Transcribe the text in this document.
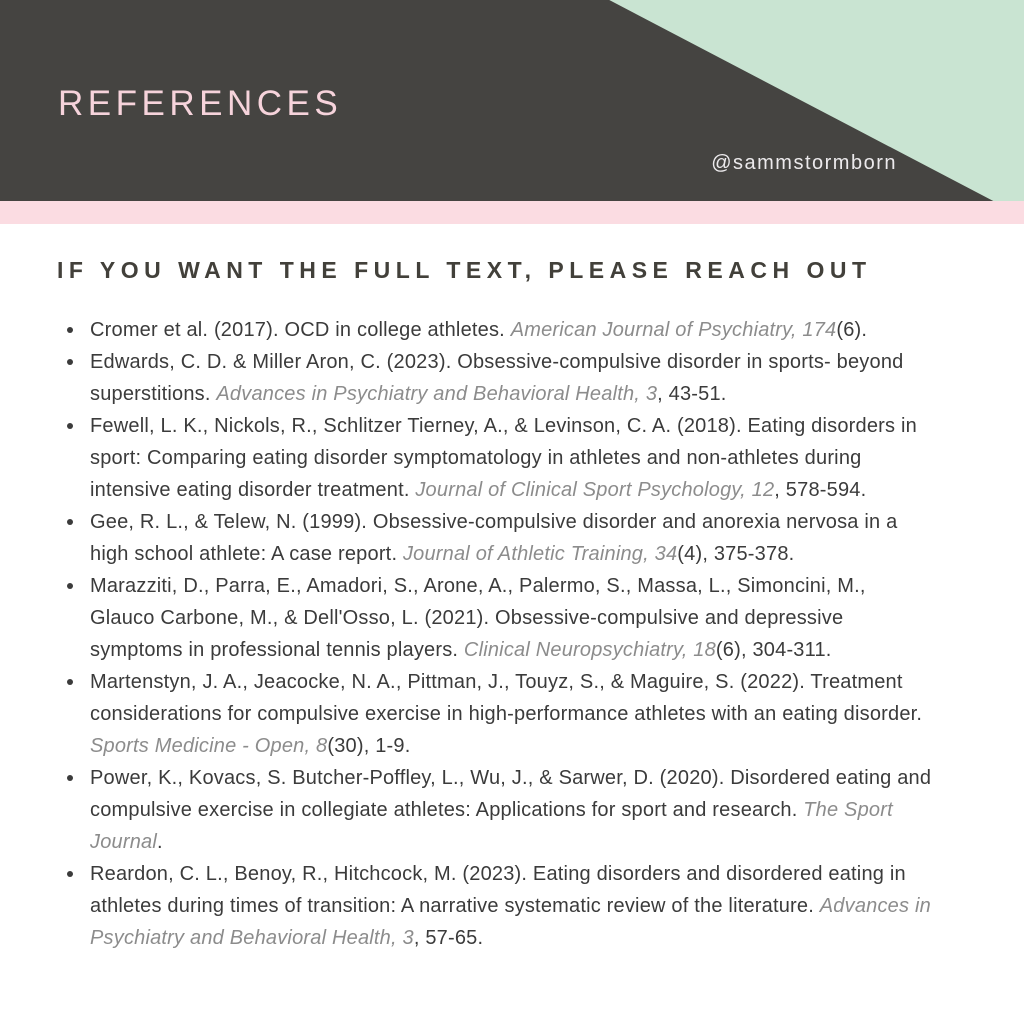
REFERENCES
@sammstormborn
IF YOU WANT THE FULL TEXT, PLEASE REACH OUT
Cromer et al. (2017). OCD in college athletes. American Journal of Psychiatry, 174(6).
Edwards, C. D. & Miller Aron, C. (2023). Obsessive-compulsive disorder in sports- beyond superstitions. Advances in Psychiatry and Behavioral Health, 3, 43-51.
Fewell, L. K., Nickols, R., Schlitzer Tierney, A., & Levinson, C. A. (2018). Eating disorders in sport: Comparing eating disorder symptomatology in athletes and non-athletes during intensive eating disorder treatment. Journal of Clinical Sport Psychology, 12, 578-594.
Gee, R. L., & Telew, N. (1999). Obsessive-compulsive disorder and anorexia nervosa in a high school athlete: A case report. Journal of Athletic Training, 34(4), 375-378.
Marazziti, D., Parra, E., Amadori, S., Arone, A., Palermo, S., Massa, L., Simoncini, M., Glauco Carbone, M., & Dell'Osso, L. (2021). Obsessive-compulsive and depressive symptoms in professional tennis players. Clinical Neuropsychiatry, 18(6), 304-311.
Martenstyn, J. A., Jeacocke, N. A., Pittman, J., Touyz, S., & Maguire, S. (2022). Treatment considerations for compulsive exercise in high-performance athletes with an eating disorder. Sports Medicine - Open, 8(30), 1-9.
Power, K., Kovacs, S. Butcher-Poffley, L., Wu, J., & Sarwer, D. (2020). Disordered eating and compulsive exercise in collegiate athletes: Applications for sport and research. The Sport Journal.
Reardon, C. L., Benoy, R., Hitchcock, M. (2023). Eating disorders and disordered eating in athletes during times of transition: A narrative systematic review of the literature. Advances in Psychiatry and Behavioral Health, 3, 57-65.
